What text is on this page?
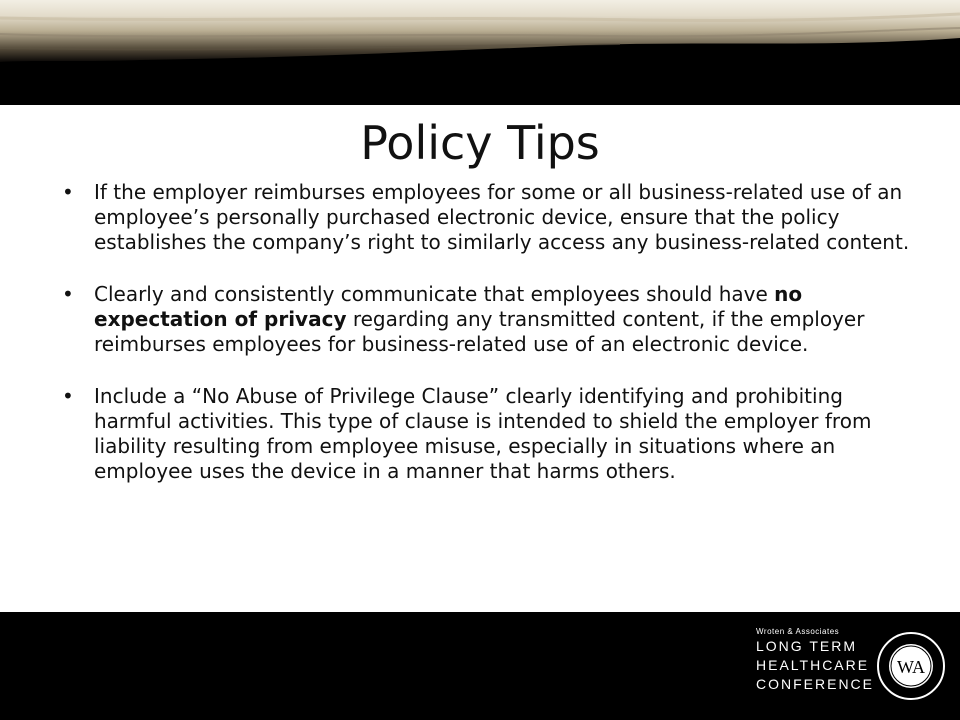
Policy Tips
• If the employer reimburses employees for some or all business-related use of an employee’s personally purchased electronic device, ensure that the policy establishes the company’s right to similarly access any business-related content.
• Clearly and consistently communicate that employees should have no expectation of privacy regarding any transmitted content, if the employer reimburses employees for business-related use of an electronic device.
• Include a “No Abuse of Privilege Clause” clearly identifying and prohibiting harmful activities. This type of clause is intended to shield the employer from liability resulting from employee misuse, especially in situations where an employee uses the device in a manner that harms others.
Wroten & Associates
LONG TERM
HEALTHCARE
CONFERENCE
WA
